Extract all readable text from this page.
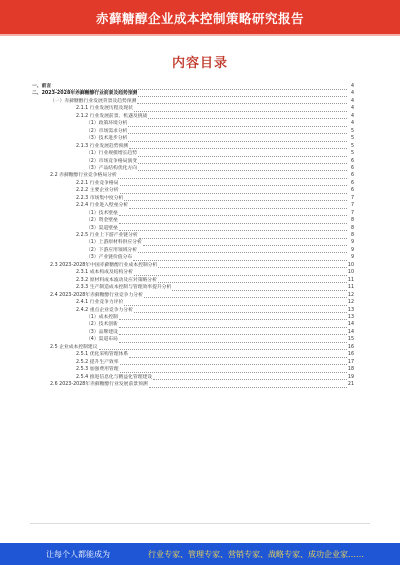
赤藓糖醇企业成本控制策略研究报告
内容目录
一、前言	4
二、2023-2028年赤藓糖醇行业前景及趋势预测	4
（一）赤藓糖醇行业发展背景及趋势预测	4
2.1.1 行业发展历程及现状	4
2.1.2 行业发展前景、机遇及挑战	4
（1）政策环境分析	4
（2）市场需求分析	5
（3）技术进步分析	5
2.1.3 行业发展趋势预测	5
（1）行业规模增长趋势	5
（2）市场竞争格局演变	6
（3）产品结构优化方向	6
2.2 赤藓糖醇行业竞争格局分析	6
2.2.1 行业竞争格局	6
2.2.2 主要企业分析	6
2.2.3 市场集中度分析	7
2.2.4 行业进入壁垒分析	7
（1）技术壁垒	7
（2）资金壁垒	8
（3）渠道壁垒	8
2.2.5 行业上下游产业链分析	8
（1）上游原材料供应分析	9
（2）下游应用领域分析	9
（3）产业链价值分布	9
2.3 2023-2028年中国赤藓糖醇行业成本控制分析	10
2.3.1 成本构成及结构分析	10
2.3.2 原材料成本波动及应对策略分析	11
2.3.3 生产制造成本控制与管理效率提升分析	11
2.4 2023-2028年赤藓糖醇行业竞争力分析	12
2.4.1 行业竞争力评价	12
2.4.2 重点企业竞争力分析	13
（1）成本控制	13
（2）技术创新	14
（3）品牌建设	14
（4）渠道布局	15
2.5 企业成本控制建议	16
2.5.1 优化采购管理体系	16
2.5.2 提升生产效率	17
2.5.3 加强费用管理	18
2.5.4 推进信息化与精益化管理建设	19
2.6 2023-2028年赤藓糖醇行业发展前景预测	21
让每个人都能成为	行业专家、管理专家、营销专家、战略专家、成功企业家……
